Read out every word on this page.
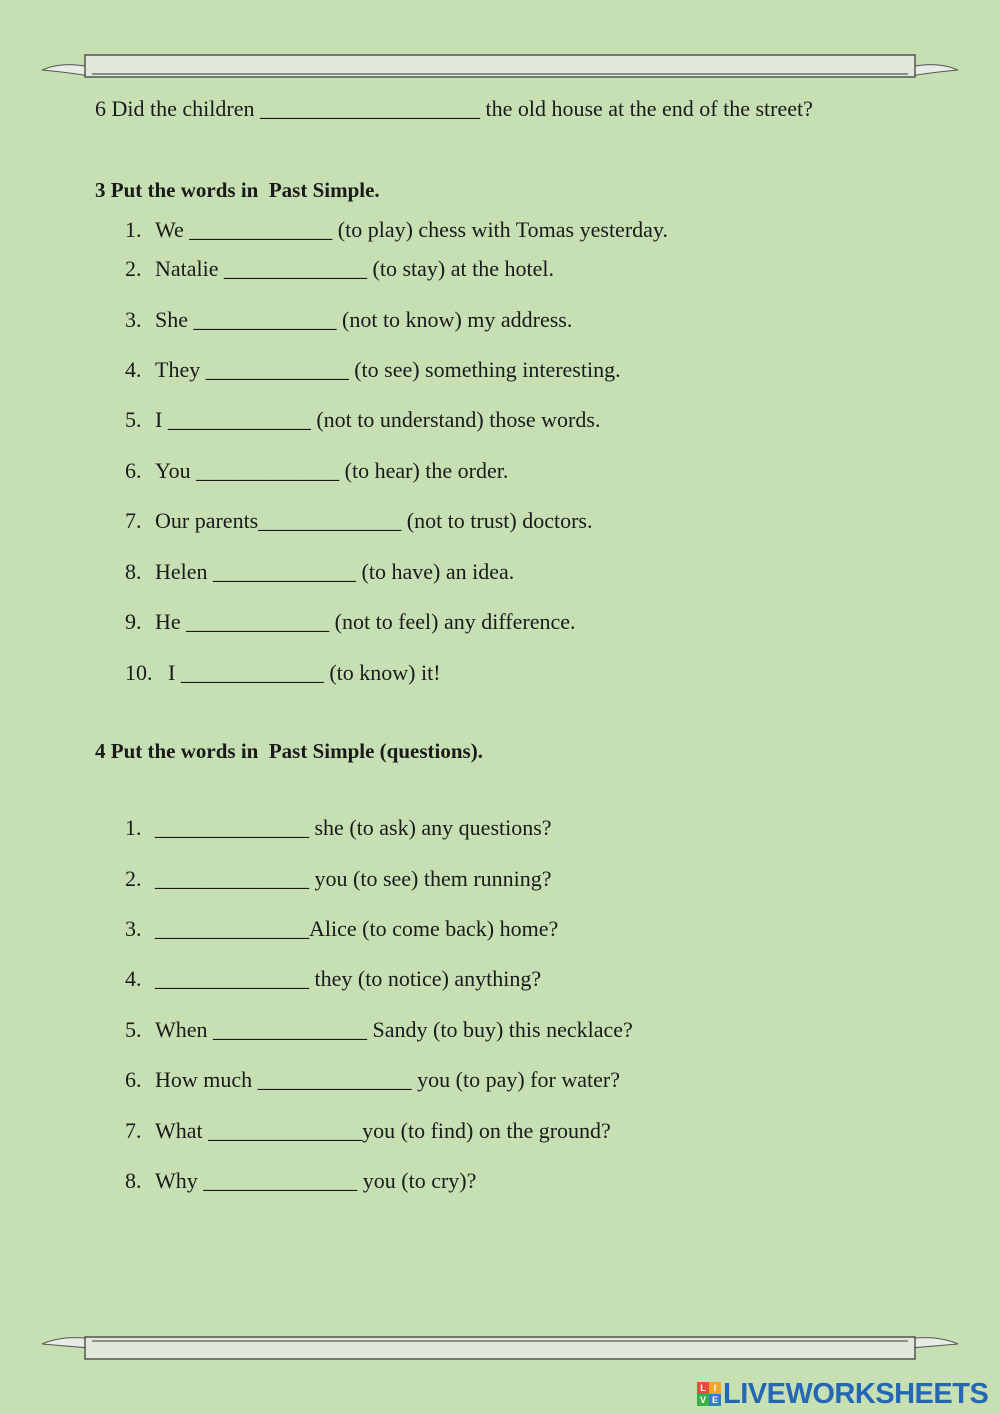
6 Did the children ____________________ the old house at the end of the street?
3 Put the words in  Past Simple.
1. We _____________ (to play) chess with Tomas yesterday.
2. Natalie _____________ (to stay) at the hotel.
3. She _____________ (not to know) my address.
4. They _____________ (to see) something interesting.
5. I _____________ (not to understand) those words.
6. You _____________ (to hear) the order.
7. Our parents_____________ (not to trust) doctors.
8. Helen _____________ (to have) an idea.
9. He _____________ (not to feel) any difference.
10. I _____________ (to know) it!
4 Put the words in  Past Simple (questions).
1. ______________ she (to ask) any questions?
2. ______________ you (to see) them running?
3. ______________Alice (to come back) home?
4. ______________ they (to notice) anything?
5. When ______________ Sandy (to buy) this necklace?
6. How much ______________ you (to pay) for water?
7. What ______________you (to find) on the ground?
8. Why ______________ you (to cry)?
L I
V E LIVEWORKSHEETS
